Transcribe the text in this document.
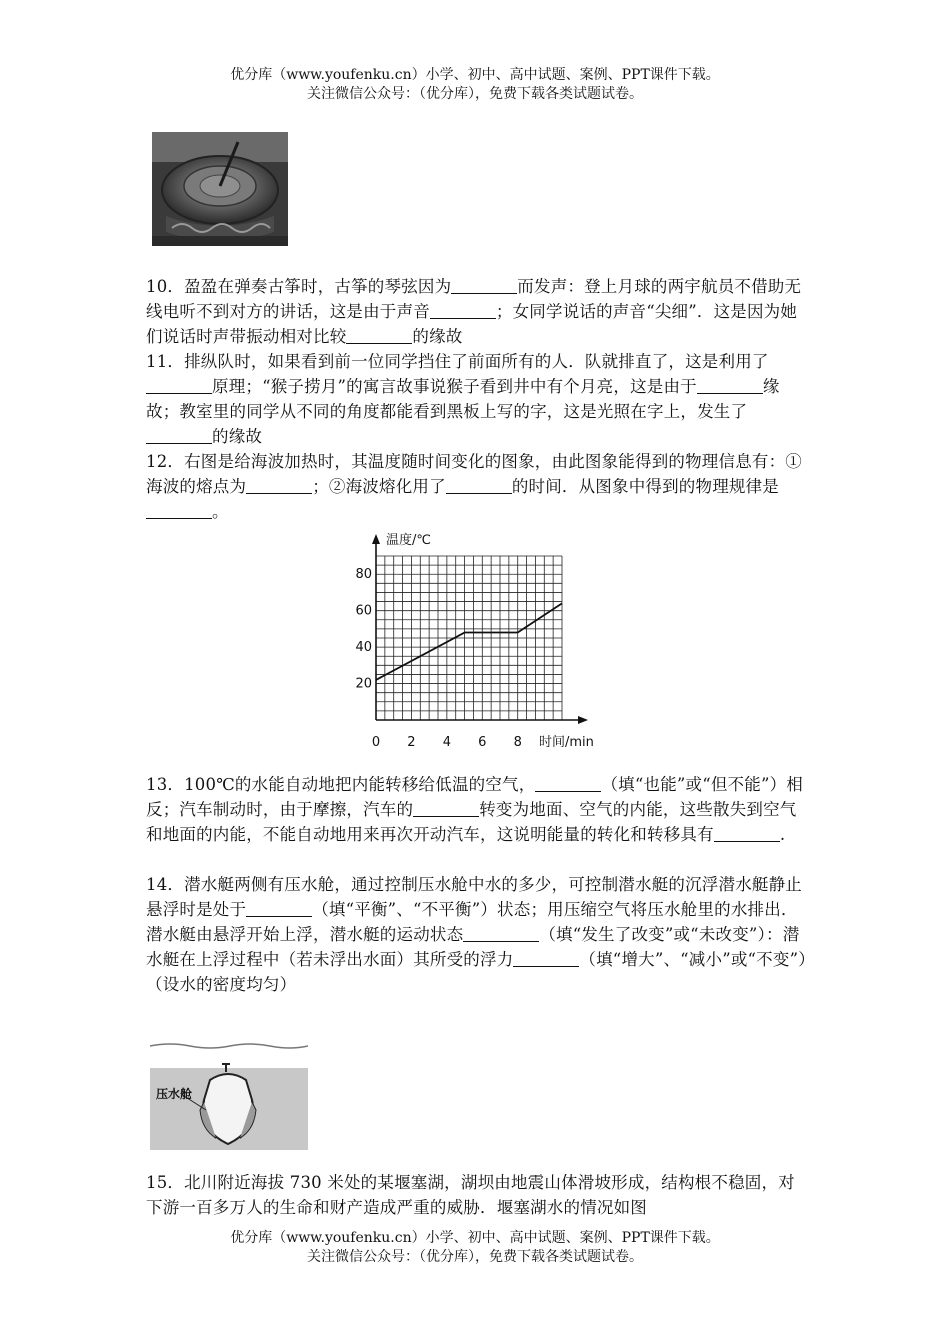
优分库（www.youfenku.cn）小学、初中、高中试题、案例、PPT课件下载。
关注微信公众号：（优分库），免费下载各类试题试卷。

10．盈盈在弹奏古筝时，古筝的琴弦因为	而发声：登上月球的两宇航员不借助无线电听不到对方的讲话，这是由于声音	；女同学说话的声音“尖细”．这是因为她们说话时声带振动相对比较	的缘故

11．排纵队时，如果看到前一位同学挡住了前面所有的人．队就排直了，这是利用了原理；“猴子捞月”的寓言故事说猴子看到井中有个月亮，这是由于	缘故；教室里的同学从不同的角度都能看到黑板上写的字，这是光照在字上，发生了的缘故

12．右图是给海波加热时，其温度随时间变化的图象，由此图象能得到的物理信息有：①海波的熔点为	；②海波熔化用了	的时间．从图象中得到的物理规律是。

0 2 4 6 8
20
40
60
80
温度/℃
时间/min

13．100℃的水能自动地把内能转移给低温的空气，	（填“也能”或“但不能”）相反；汽车制动时，由于摩擦，汽车的	转变为地面、空气的内能，这些散失到空气和地面的内能，不能自动地用来再次开动汽车，这说明能量的转化和转移具有	.

14．潜水艇两侧有压水舱，通过控制压水舱中水的多少，可控制潜水艇的沉浮潜水艇静止悬浮时是处于	（填“平衡”、“不平衡”）状态；用压缩空气将压水舱里的水排出．潜水艇由悬浮开始上浮，潜水艇的运动状态	（填“发生了改变”或“未改变”）：潜水艇在上浮过程中（若未浮出水面）其所受的浮力	（填“增大”、“减小”或“不变”）（设水的密度均匀）

压水舱

15．北川附近海拔 730 米处的某堰塞湖，湖坝由地震山体滑坡形成，结构根不稳固，对下游一百多万人的生命和财产造成严重的威胁．堰塞湖水的情况如图

优分库（www.youfenku.cn）小学、初中、高中试题、案例、PPT课件下载。
关注微信公众号：（优分库），免费下载各类试题试卷。
